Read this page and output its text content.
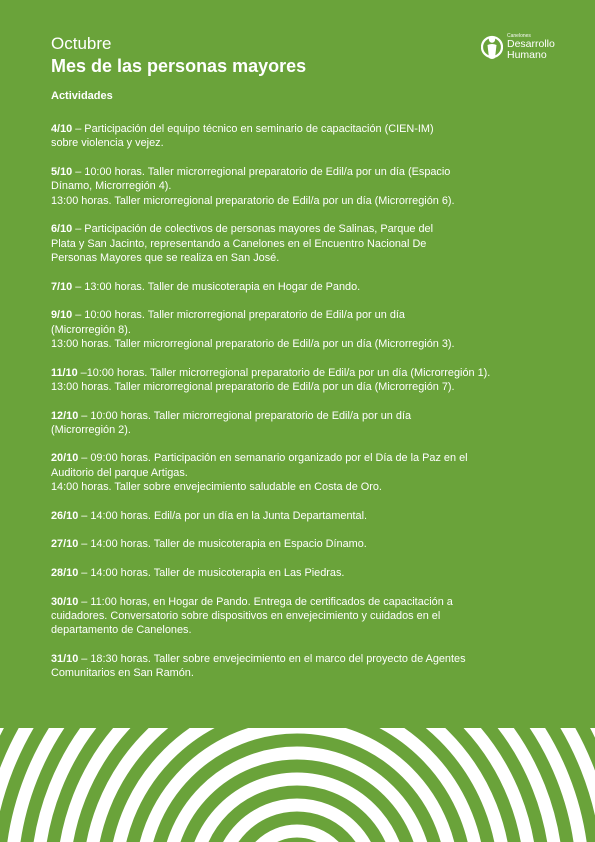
Octubre
Mes de las personas mayores
Canelones
Desarrollo
Humano
Actividades
4/10 – Participación del equipo técnico en seminario de capacitación (CIEN-IM)
sobre violencia y vejez.
5/10 – 10:00 horas. Taller microrregional preparatorio de Edil/a por un día (Espacio
Dínamo, Microrregión 4).
13:00 horas. Taller microrregional preparatorio de Edil/a por un día (Microrregión 6).
6/10 – Participación de colectivos de personas mayores de Salinas, Parque del
Plata y San Jacinto, representando a Canelones en el Encuentro Nacional De
Personas Mayores que se realiza en San José.
7/10 – 13:00 horas. Taller de musicoterapia en Hogar de Pando.
9/10 – 10:00 horas. Taller microrregional preparatorio de Edil/a por un día
(Microrregión 8).
13:00 horas. Taller microrregional preparatorio de Edil/a por un día (Microrregión 3).
11/10 –10:00 horas. Taller microrregional preparatorio de Edil/a por un día (Microrregión 1).
13:00 horas. Taller microrregional preparatorio de Edil/a por un día (Microrregión 7).
12/10 – 10:00 horas. Taller microrregional preparatorio de Edil/a por un día
(Microrregión 2).
20/10 – 09:00 horas. Participación en semanario organizado por el Día de la Paz en el
Auditorio del parque Artigas.
14:00 horas. Taller sobre envejecimiento saludable en Costa de Oro.
26/10 – 14:00 horas. Edil/a por un día en la Junta Departamental.
27/10 – 14:00 horas. Taller de musicoterapia en Espacio Dínamo.
28/10 – 14:00 horas. Taller de musicoterapia en Las Piedras.
30/10 – 11:00 horas, en Hogar de Pando. Entrega de certificados de capacitación a
cuidadores. Conversatorio sobre dispositivos en envejecimiento y cuidados en el
departamento de Canelones.
31/10 – 18:30 horas. Taller sobre envejecimiento en el marco del proyecto de Agentes
Comunitarios en San Ramón.
